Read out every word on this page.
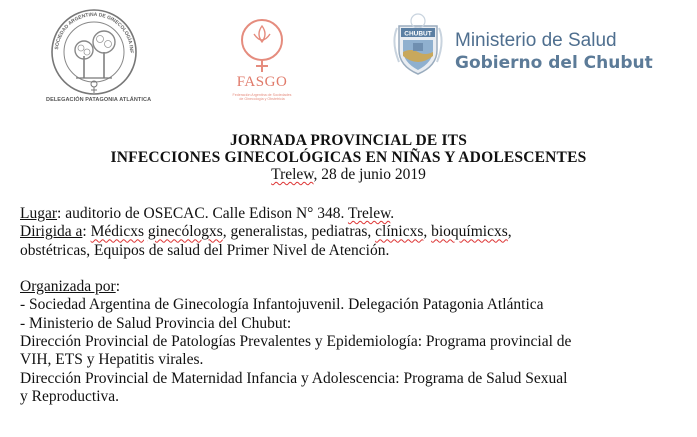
SOCIEDAD ARGENTINA DE GINECOLOGÍA INF
DELEGACIÓN PATAGONIA ATLÁNTICA
FASGO
Federación Argentina de Sociedades
de Ginecología y Obstetricia
CHUBUT Ministerio de Salud
Gobierno del Chubut
JORNADA PROVINCIAL DE ITS
INFECCIONES GINECOLÓGICAS EN NIÑAS Y ADOLESCENTES
Trelew, 28 de junio 2019

Lugar: auditorio de OSECAC. Calle Edison N° 348. Trelew.

Dirigida a: Médicxs ginecólogxs, generalistas, pediatras, clínicxs, bioquímicxs,

obstétricas, Equipos de salud del Primer Nivel de Atención.

Organizada por:

- Sociedad Argentina de Ginecología Infantojuvenil. Delegación Patagonia Atlántica

- Ministerio de Salud Provincia del Chubut:

Dirección Provincial de Patologías Prevalentes y Epidemiología: Programa provincial de

VIH, ETS y Hepatitis virales.

Dirección Provincial de Maternidad Infancia y Adolescencia: Programa de Salud Sexual

y Reproductiva.
